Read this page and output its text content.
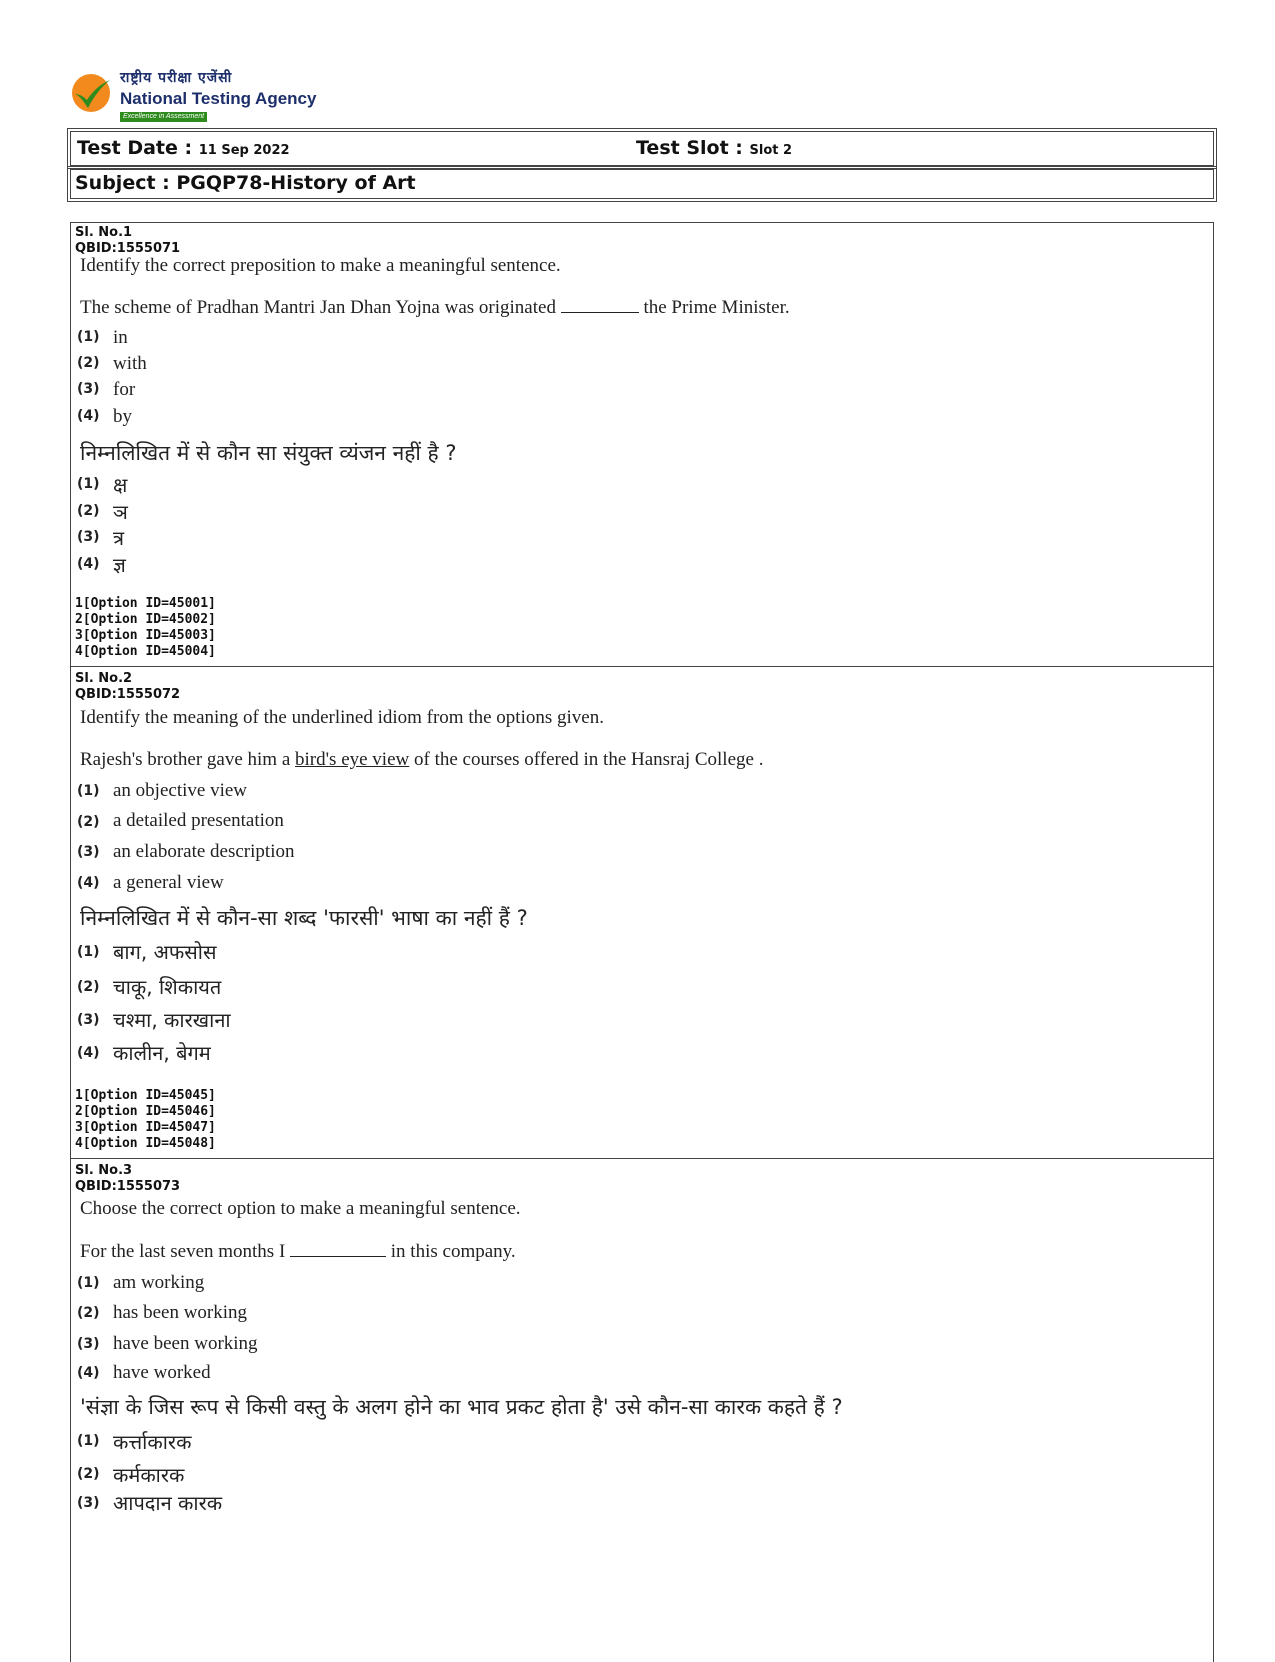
राष्ट्रीय परीक्षा एजेंसी
National Testing Agency
Excellence in Assessment
Test Date : 11 Sep 2022	Test Slot : Slot 2
Subject : PGQP78-History of Art
Sl. No.1
QBID:1555071
Identify the correct preposition to make a meaningful sentence.
The scheme of Pradhan Mantri Jan Dhan Yojna was originated	the Prime Minister.
(1) in
(2) with
(3) for
(4) by
निम्नलिखित में से कौन सा संयुक्त व्यंजन नहीं है ?
(1) क्ष
(2) ञ
(3) त्र
(4) ज्ञ
1[Option ID=45001]
2[Option ID=45002]
3[Option ID=45003]
4[Option ID=45004]
Sl. No.2
QBID:1555072
Identify the meaning of the underlined idiom from the options given.
Rajesh's brother gave him a bird's eye view of the courses offered in the Hansraj College .
(1) an objective view
(2) a detailed presentation
(3) an elaborate description
(4) a general view
निम्नलिखित में से कौन-सा शब्द 'फारसी' भाषा का नहीं हैं ?
(1) बाग, अफसोस
(2) चाकू, शिकायत
(3) चश्मा, कारखाना
(4) कालीन, बेगम
1[Option ID=45045]
2[Option ID=45046]
3[Option ID=45047]
4[Option ID=45048]
Sl. No.3
QBID:1555073
Choose the correct option to make a meaningful sentence.
For the last seven months I	in this company.
(1) am working
(2) has been working
(3) have been working
(4) have worked
'संज्ञा के जिस रूप से किसी वस्तु के अलग होने का भाव प्रकट होता है' उसे कौन-सा कारक कहते हैं ?
(1) कर्त्ताकारक
(2) कर्मकारक
(3) आपदान कारक
